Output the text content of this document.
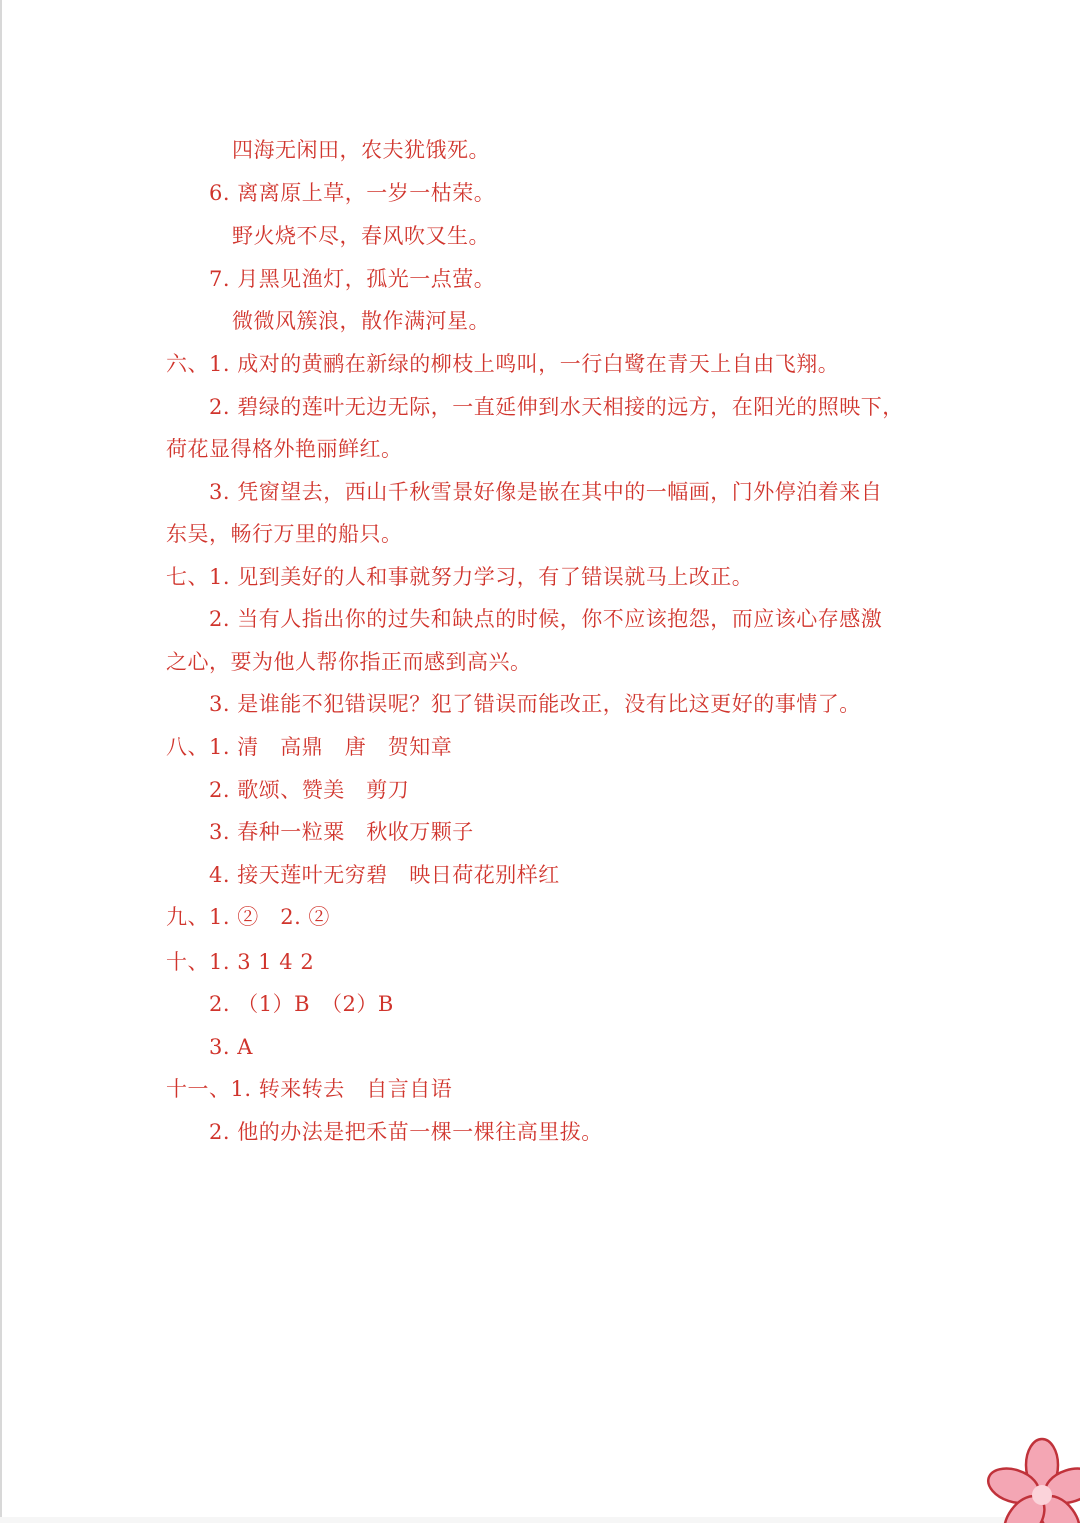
四海无闲田，农夫犹饿死。
6. 离离原上草，一岁一枯荣。
野火烧不尽，春风吹又生。
7. 月黑见渔灯，孤光一点萤。
微微风簇浪，散作满河星。
六、1. 成对的黄鹂在新绿的柳枝上鸣叫，一行白鹭在青天上自由飞翔。
2. 碧绿的莲叶无边无际，一直延伸到水天相接的远方，在阳光的照映下，
荷花显得格外艳丽鲜红。
3. 凭窗望去，西山千秋雪景好像是嵌在其中的一幅画，门外停泊着来自
东吴，畅行万里的船只。
七、1. 见到美好的人和事就努力学习，有了错误就马上改正。
2. 当有人指出你的过失和缺点的时候，你不应该抱怨，而应该心存感激
之心，要为他人帮你指正而感到高兴。
3. 是谁能不犯错误呢？犯了错误而能改正，没有比这更好的事情了。
八、1. 清　高鼎　唐　贺知章
2. 歌颂、赞美　剪刀
3. 春种一粒粟　秋收万颗子
4. 接天莲叶无穷碧　映日荷花别样红
九、1. ②　2. ②
十、1. 3 1 4 2
2. （1）B　（2）B
3. A
十一、1. 转来转去　自言自语
2. 他的办法是把禾苗一棵一棵往高里拔。
